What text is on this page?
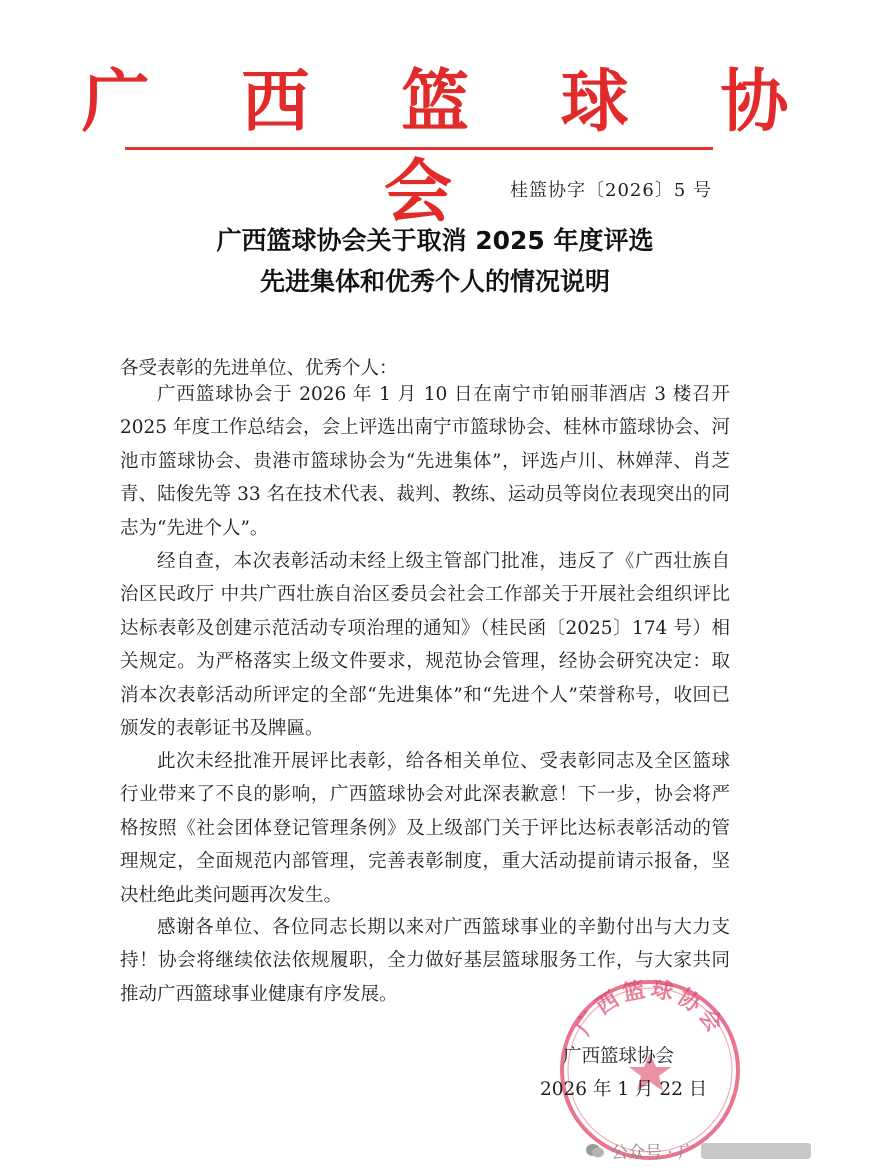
广 西 篮 球 协 会	桂篮协字〔2026〕5 号
广西篮球协会关于取消 2025 年度评选
先进集体和优秀个人的情况说明
各受表彰的先进单位、优秀个人：

广西篮球协会于 2026 年 1 月 10 日在南宁市铂丽菲酒店 3 楼召开 2025 年度工作总结会，会上评选出南宁市篮球协会、桂林市篮球协会、河池市篮球协会、贵港市篮球协会为“先进集体”，评选卢川、林婵萍、肖芝青、陆俊先等 33 名在技术代表、裁判、教练、运动员等岗位表现突出的同志为“先进个人”。

经自查，本次表彰活动未经上级主管部门批准，违反了《广西壮族自治区民政厅 中共广西壮族自治区委员会社会工作部关于开展社会组织评比达标表彰及创建示范活动专项治理的通知》（桂民函〔2025〕174 号）相关规定。为严格落实上级文件要求，规范协会管理，经协会研究决定：取消本次表彰活动所评定的全部“先进集体”和“先进个人”荣誉称号，收回已颁发的表彰证书及牌匾。

此次未经批准开展评比表彰，给各相关单位、受表彰同志及全区篮球行业带来了不良的影响，广西篮球协会对此深表歉意！下一步，协会将严格按照《社会团体登记管理条例》及上级部门关于评比达标表彰活动的管理规定，全面规范内部管理，完善表彰制度，重大活动提前请示报备，坚决杜绝此类问题再次发生。

感谢各单位、各位同志长期以来对广西篮球事业的辛勤付出与大力支持！协会将继续依法依规履职，全力做好基层篮球服务工作，与大家共同推动广西篮球事业健康有序发展。

广西篮球协会
广西篮球协会
2026 年 1 月 22 日
公众号 · 广
